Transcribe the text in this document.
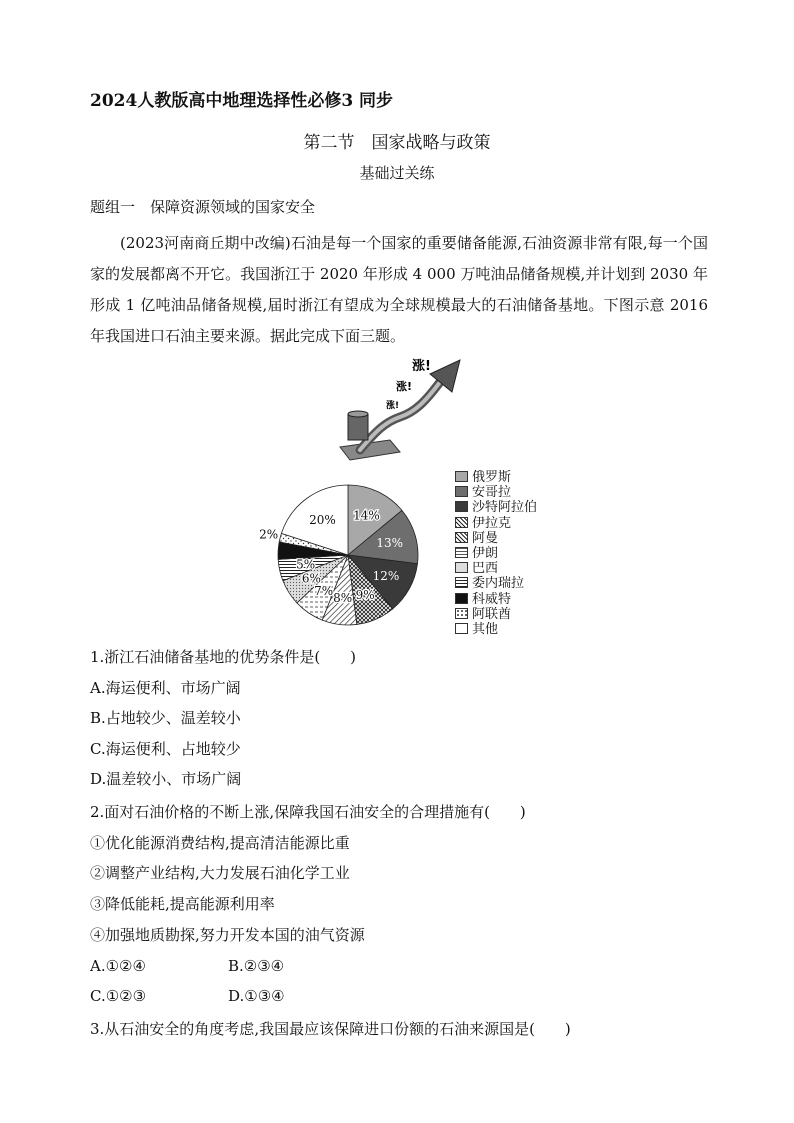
2024人教版高中地理选择性必修3 同步
第二节　国家战略与政策
基础过关练
题组一　保障资源领域的国家安全
(2023河南商丘期中改编)石油是每一个国家的重要储备能源,石油资源非常有限,每一个国家的发展都离不开它。我国浙江于 2020 年形成 4 000 万吨油品储备规模,并计划到 2030 年形成 1 亿吨油品储备规模,届时浙江有望成为全球规模最大的石油储备基地。下图示意 2016 年我国进口石油主要来源。据此完成下面三题。
涨!
涨!
涨!
14%
13%
12%
9%
8%
7%
6%
5%
4%
2%
20%
俄罗斯
安哥拉
沙特阿拉伯
伊拉克
阿曼
伊朗
巴西
委内瑞拉
科威特
阿联酋
其他
1.浙江石油储备基地的优势条件是(　　)
A.海运便利、市场广阔
B.占地较少、温差较小
C.海运便利、占地较少
D.温差较小、市场广阔
2.面对石油价格的不断上涨,保障我国石油安全的合理措施有(　　)
①优化能源消费结构,提高清洁能源比重
②调整产业结构,大力发展石油化学工业
③降低能耗,提高能源利用率
④加强地质勘探,努力开发本国的油气资源
A.①②④	B.②③④
C.①②③	D.①③④
3.从石油安全的角度考虑,我国最应该保障进口份额的石油来源国是(　　)
